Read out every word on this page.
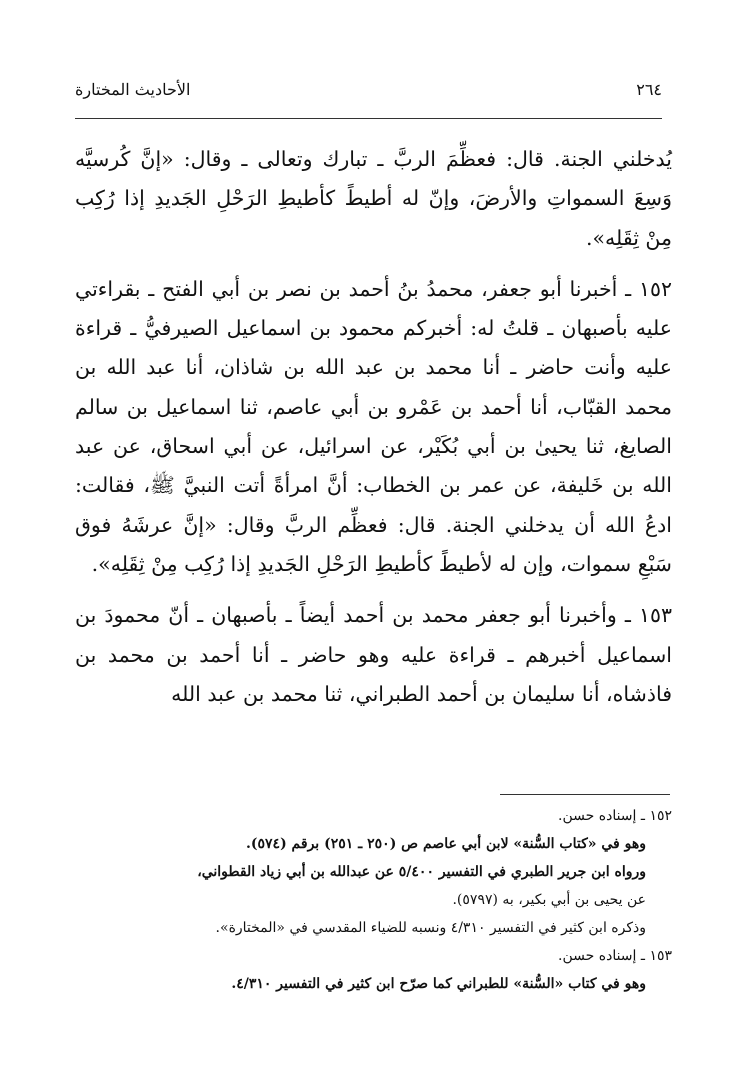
٢٦٤
الأحاديث المختارة

يُدخلني الجنة. قال: فعظِّمَ الربَّ ـ تبارك وتعالى ـ وقال: «إنَّ كُرسيَّه وَسِعَ السمواتِ والأرضَ، وإنّ له أطيطً كأطيطِ الرَحْلِ الجَديدِ إذا رُكِب مِنْ ثِقَلِه».

١٥٢ ـ أخبرنا أبو جعفر، محمدُ بنُ أحمد بن نصر بن أبي الفتح ـ بقراءتي عليه بأصبهان ـ قلتُ له: أخبركم محمود بن اسماعيل الصيرفيُّ ـ قراءة عليه وأنت حاضر ـ أنا محمد بن عبد الله بن شاذان، أنا عبد الله بن محمد القبّاب، أنا أحمد بن عَمْرو بن أبي عاصم، ثنا اسماعيل بن سالم الصايغ، ثنا يحيىٰ بن أبي بُكَيْر، عن اسرائيل، عن أبي اسحاق، عن عبد الله بن خَليفة، عن عمر بن الخطاب: أنَّ امرأةً أتت النبيَّ ﷺ، فقالت: ادعُ الله أن يدخلني الجنة. قال: فعظِّم الربَّ وقال: «إنَّ عرشَهُ فوق سَبْعِ سموات، وإن له لأطيطً كأطيطِ الرَحْلِ الجَديدِ إذا رُكِب مِنْ ثِقَلِه».

١٥٣ ـ وأخبرنا أبو جعفر محمد بن أحمد أيضاً ـ بأصبهان ـ أنّ محمودَ بن اسماعيل أخبرهم ـ قراءة عليه وهو حاضر ـ أنا أحمد بن محمد بن فاذشاه، أنا سليمان بن أحمد الطبراني، ثنا محمد بن عبد الله

١٥٢ ـ إسناده حسن.

وهو في «كتاب السُّنة» لابن أبي عاصم ص (٢٥٠ ـ ٢٥١) برقم (٥٧٤).

ورواه ابن جرير الطبري في التفسير ٥/٤٠٠ عن عبدالله بن أبي زياد القطواني،

عن يحيى بن أبي بكير، به (٥٧٩٧).

وذكره ابن كثير في التفسير ٤/٣١٠ ونسبه للضياء المقدسي في «المختارة».

١٥٣ ـ إسناده حسن.

وهو في كتاب «السُّنة» للطبراني كما صرّح ابن كثير في التفسير ٤/٣١٠.
